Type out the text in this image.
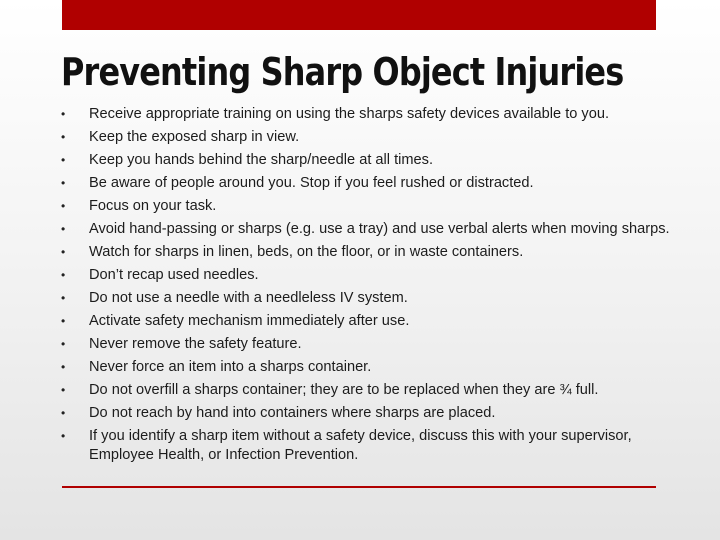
Preventing Sharp Object Injuries
•	Receive appropriate training on using the sharps safety devices available to you.
•	Keep the exposed sharp in view.
•	Keep you hands behind the sharp/needle at all times.
•	Be aware of people around you. Stop if you feel rushed or distracted.
•	Focus on your task.
•	Avoid hand-passing or sharps (e.g. use a tray) and use verbal alerts when moving sharps.
•	Watch for sharps in linen, beds, on the floor, or in waste containers.
•	Don’t recap used needles.
•	Do not use a needle with a needleless IV system.
•	Activate safety mechanism immediately after use.
•	Never remove the safety feature.
•	Never force an item into a sharps container.
•	Do not overfill a sharps container; they are to be replaced when they are ¾ full.
•	Do not reach by hand into containers where sharps are placed.
•	If you identify a sharp item without a safety device, discuss this with your supervisor, Employee Health, or Infection Prevention.
